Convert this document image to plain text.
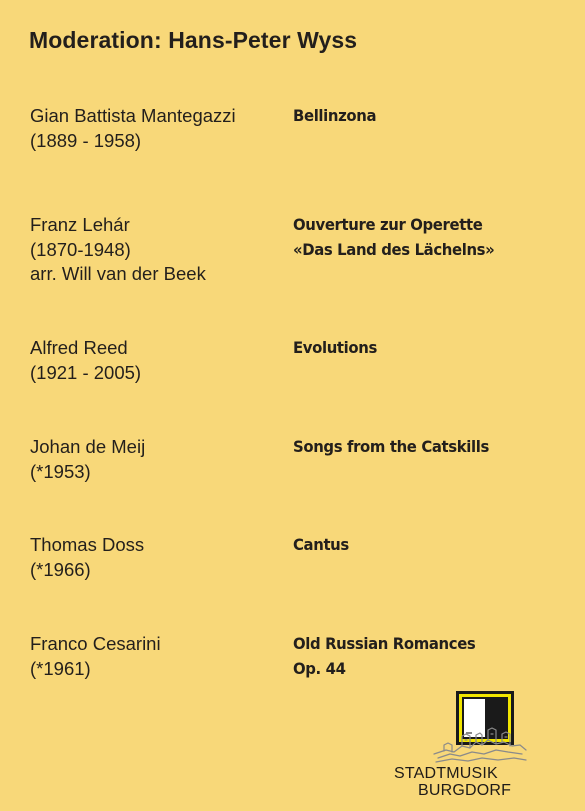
Moderation: Hans-Peter Wyss
Gian Battista Mantegazzi
(1889 - 1958)
Bellinzona
Franz Lehár
(1870-1948)
arr. Will van der Beek
Ouverture zur Operette
«Das Land des Lächelns»
Alfred Reed
(1921 - 2005)
Evolutions
Johan de Meij
(*1953)
Songs from the Catskills
Thomas Doss
(*1966)
Cantus
Franco Cesarini
(*1961)
Old Russian Romances
Op. 44
STADTMUSIK
BURGDORF
